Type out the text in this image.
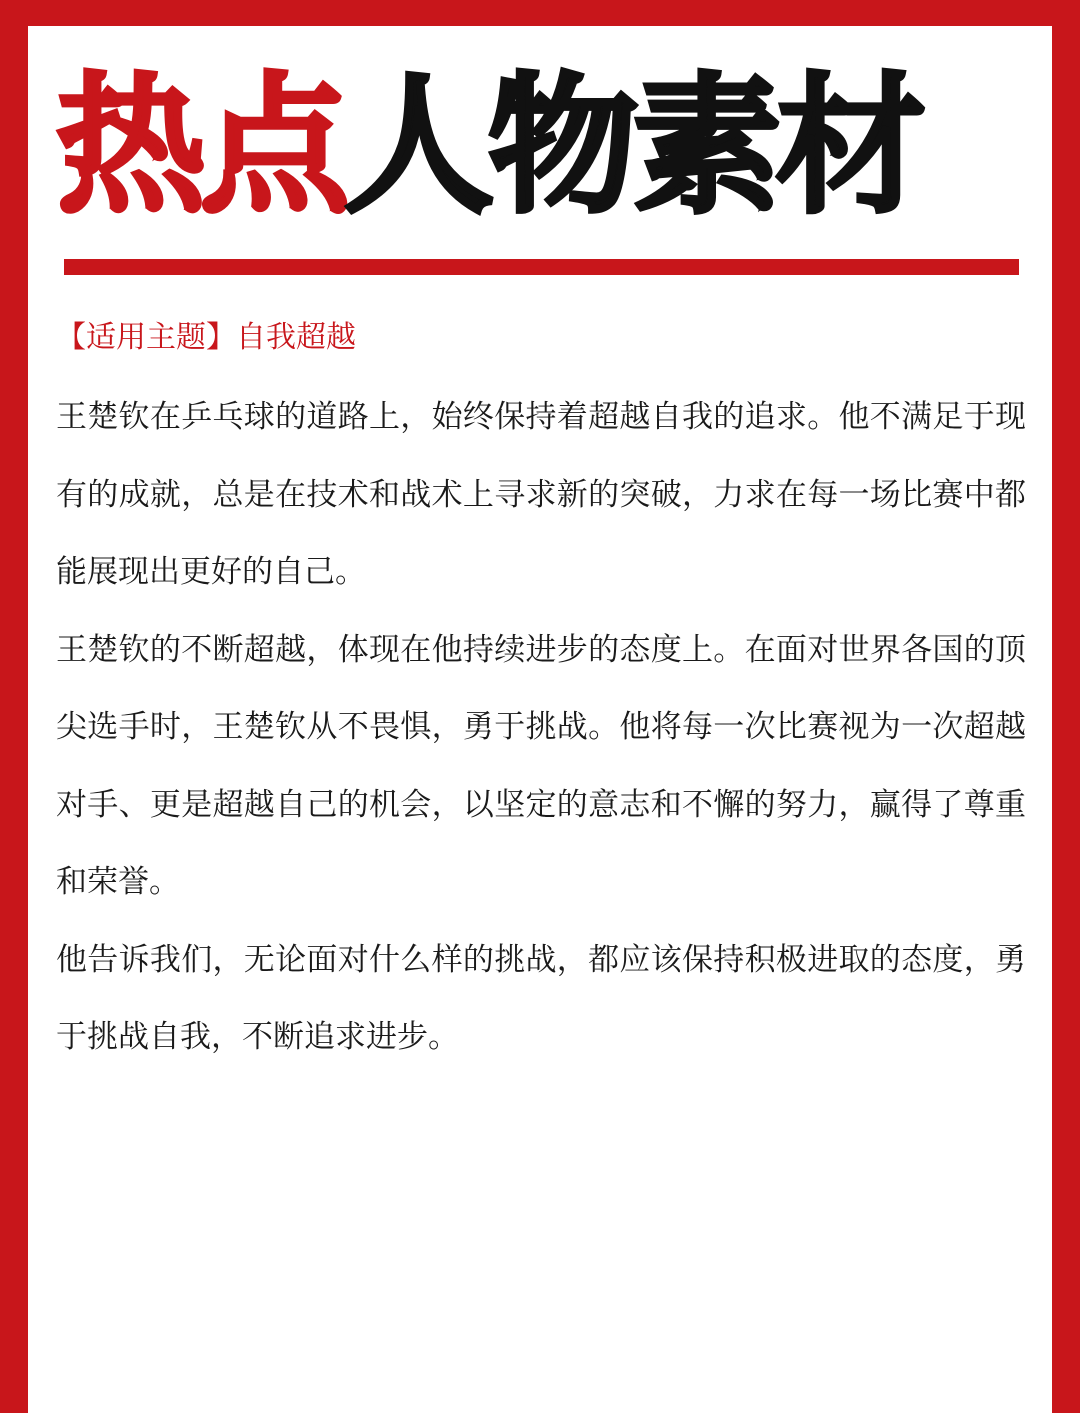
热点人物素材

【适用主题】自我超越

王楚钦在乒乓球的道路上，始终保持着超越自我的追求。他不满足于现有的成就，总是在技术和战术上寻求新的突破，力求在每一场比赛中都能展现出更好的自己。

王楚钦的不断超越，体现在他持续进步的态度上。在面对世界各国的顶尖选手时，王楚钦从不畏惧，勇于挑战。他将每一次比赛视为一次超越对手、更是超越自己的机会，以坚定的意志和不懈的努力，赢得了尊重和荣誉。

他告诉我们，无论面对什么样的挑战，都应该保持积极进取的态度，勇于挑战自我，不断追求进步。
